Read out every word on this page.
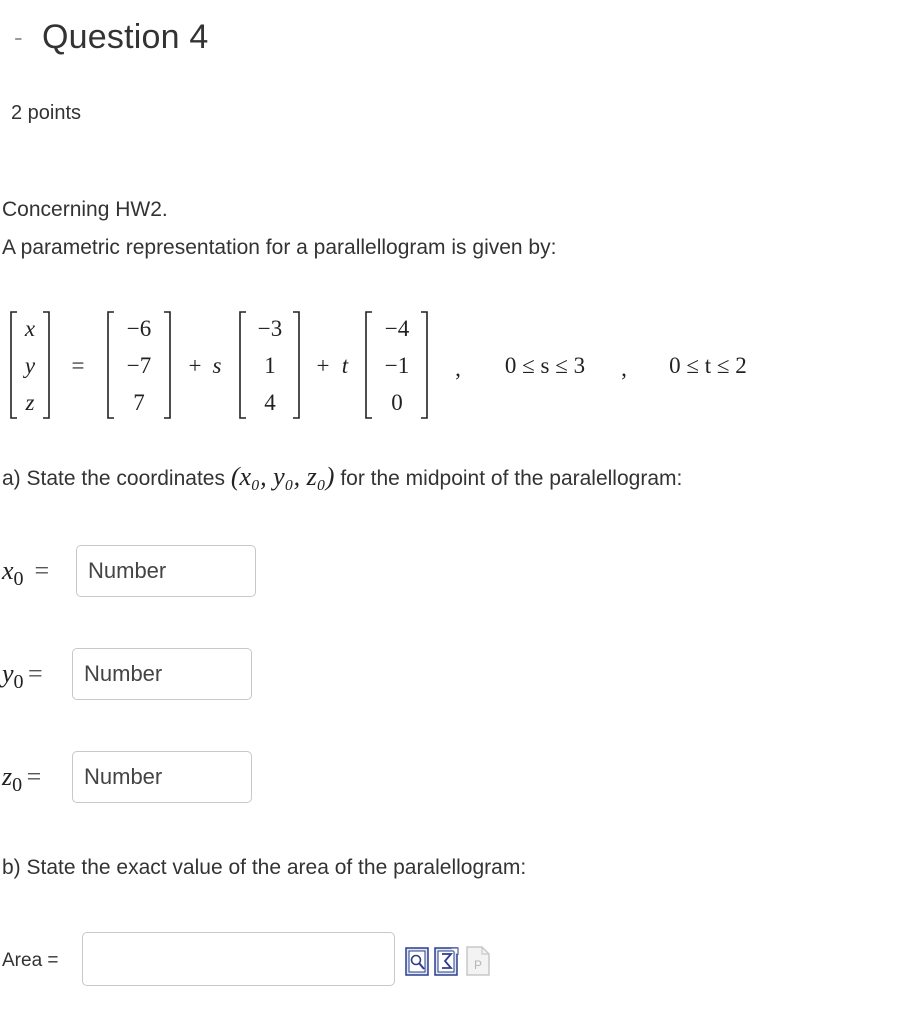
- Question 4
2 points
Concerning HW2.
A parametric representation for a parallellogram is given by:
x
y
z
=
−6
−7
7
+ s
−3
1
4
+ t
−4
−1
0
, 0 ≤ s ≤ 3 , 0 ≤ t ≤ 2
a) State the coordinates (x₀, y₀, z₀) for the midpoint of the paralellogram:
$x_0$  =
Number
$y_0$ =
Number
$z_0$ =
Number
b) State the exact value of the area of the paralellogram:
Area =	P
